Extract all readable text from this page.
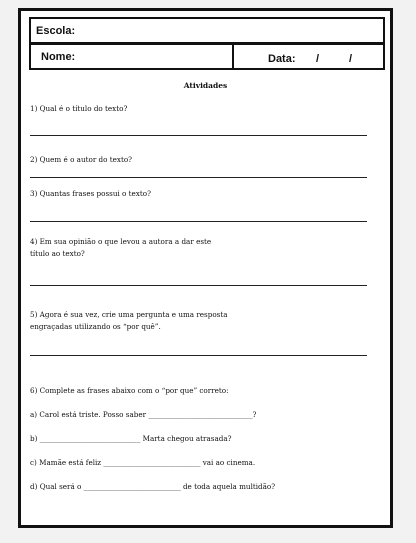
Escola:
Nome:	Data: /	/
Atividades
1) Qual é o título do texto?
2) Quem é o autor do texto?
3) Quantas frases possui o texto?
4) Em sua opinião o que levou a autora a dar este
título ao texto?
5) Agora é sua vez, crie uma pergunta e uma resposta
engraçadas utilizando os “por quê”.
6) Complete as frases abaixo com o “por que” correto:
a) Carol está triste. Posso saber _____________________________?
b) ____________________________ Marta chegou atrasada?
c) Mamãe está feliz ___________________________ vai ao cinema.
d) Qual será o ___________________________ de toda aquela multidão?
